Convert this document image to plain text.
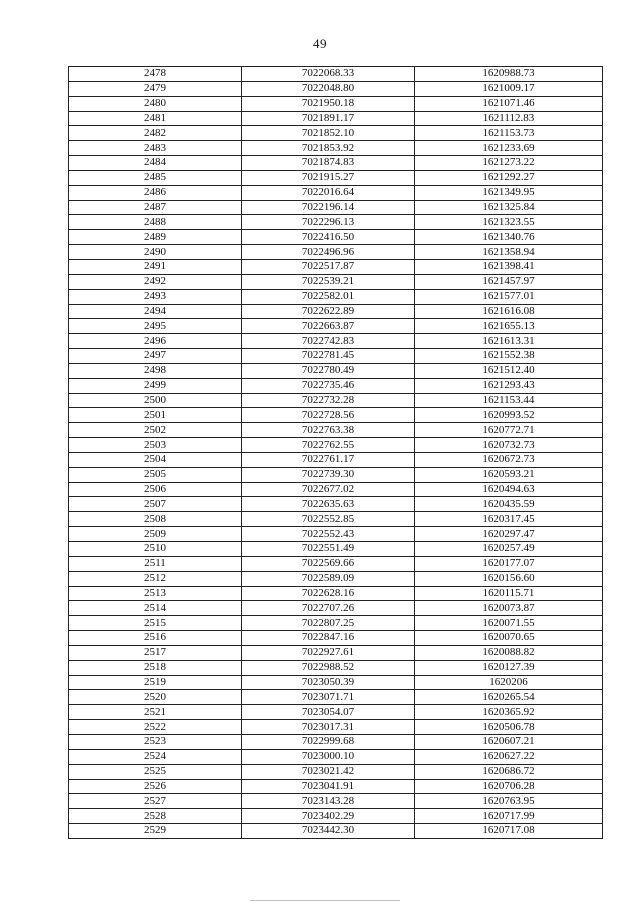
49
2478	7022068.33	1620988.73
2479	7022048.80	1621009.17
2480	7021950.18	1621071.46
2481	7021891.17	1621112.83
2482	7021852.10	1621153.73
2483	7021853.92	1621233.69
2484	7021874.83	1621273.22
2485	7021915.27	1621292.27
2486	7022016.64	1621349.95
2487	7022196.14	1621325.84
2488	7022296.13	1621323.55
2489	7022416.50	1621340.76
2490	7022496.96	1621358.94
2491	7022517.87	1621398.41
2492	7022539.21	1621457.97
2493	7022582.01	1621577.01
2494	7022622.89	1621616.08
2495	7022663.87	1621655.13
2496	7022742.83	1621613.31
2497	7022781.45	1621552.38
2498	7022780.49	1621512.40
2499	7022735.46	1621293.43
2500	7022732.28	1621153.44
2501	7022728.56	1620993.52
2502	7022763.38	1620772.71
2503	7022762.55	1620732.73
2504	7022761.17	1620672.73
2505	7022739.30	1620593.21
2506	7022677.02	1620494.63
2507	7022635.63	1620435.59
2508	7022552.85	1620317.45
2509	7022552.43	1620297.47
2510	7022551.49	1620257.49
2511	7022569.66	1620177.07
2512	7022589.09	1620156.60
2513	7022628.16	1620115.71
2514	7022707.26	1620073.87
2515	7022807.25	1620071.55
2516	7022847.16	1620070.65
2517	7022927.61	1620088.82
2518	7022988.52	1620127.39
2519	7023050.39	1620206
2520	7023071.71	1620265.54
2521	7023054.07	1620365.92
2522	7023017.31	1620506.78
2523	7022999.68	1620607.21
2524	7023000.10	1620627.22
2525	7023021.42	1620686.72
2526	7023041.91	1620706.28
2527	7023143.28	1620763.95
2528	7023402.29	1620717.99
2529	7023442.30	1620717.08
